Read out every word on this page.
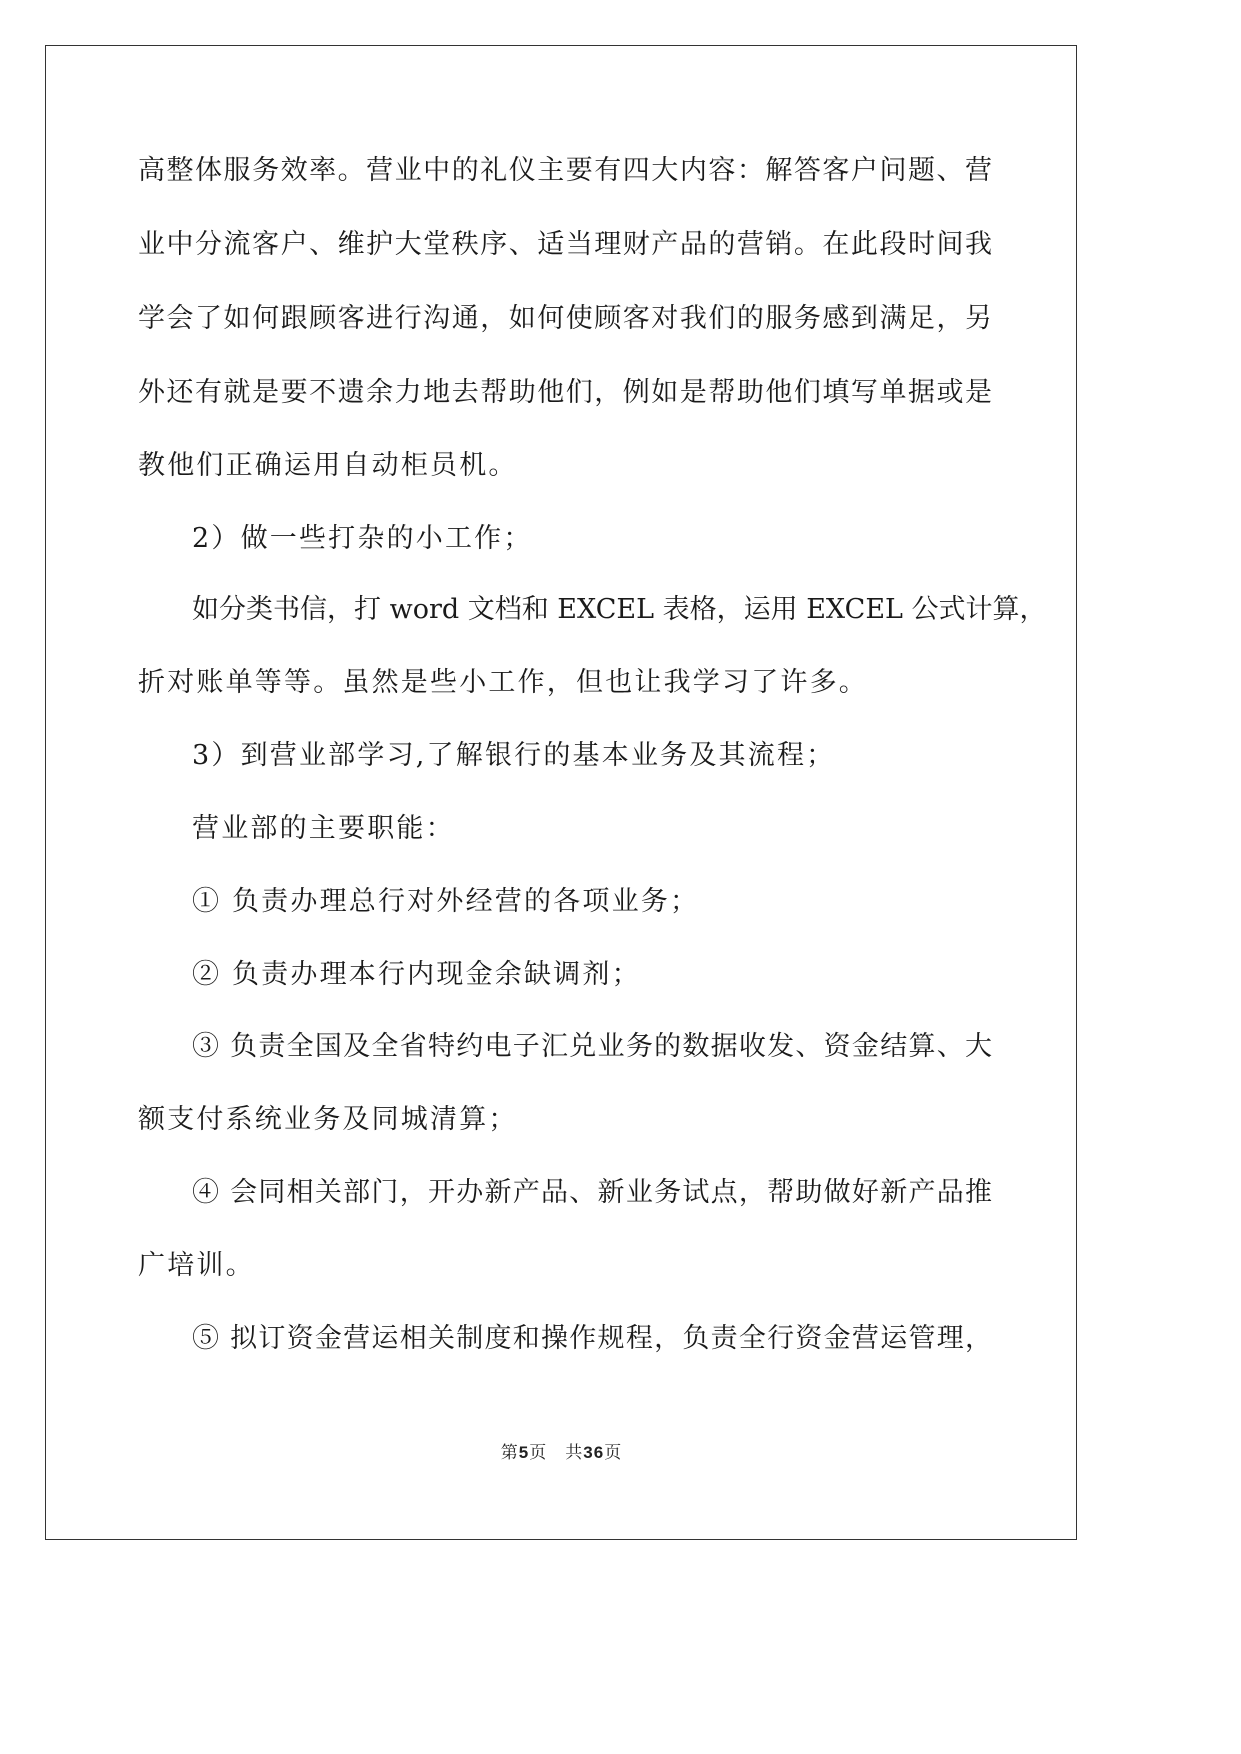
高整体服务效率。营业中的礼仪主要有四大内容：解答客户问题、营
业中分流客户、维护大堂秩序、适当理财产品的营销。在此段时间我
学会了如何跟顾客进行沟通，如何使顾客对我们的服务感到满足，另
外还有就是要不遗余力地去帮助他们，例如是帮助他们填写单据或是
教他们正确运用自动柜员机。
2）做一些打杂的小工作；
如分类书信，打 word 文档和 EXCEL 表格，运用 EXCEL 公式计算，
折对账单等等。虽然是些小工作，但也让我学习了许多。
3）到营业部学习,了解银行的基本业务及其流程；
营业部的主要职能：
① 负责办理总行对外经营的各项业务；
② 负责办理本行内现金余缺调剂；
③ 负责全国及全省特约电子汇兑业务的数据收发、资金结算、大
额支付系统业务及同城清算；
④ 会同相关部门，开办新产品、新业务试点，帮助做好新产品推
广培训。
⑤ 拟订资金营运相关制度和操作规程，负责全行资金营运管理，
第5页　共36页
